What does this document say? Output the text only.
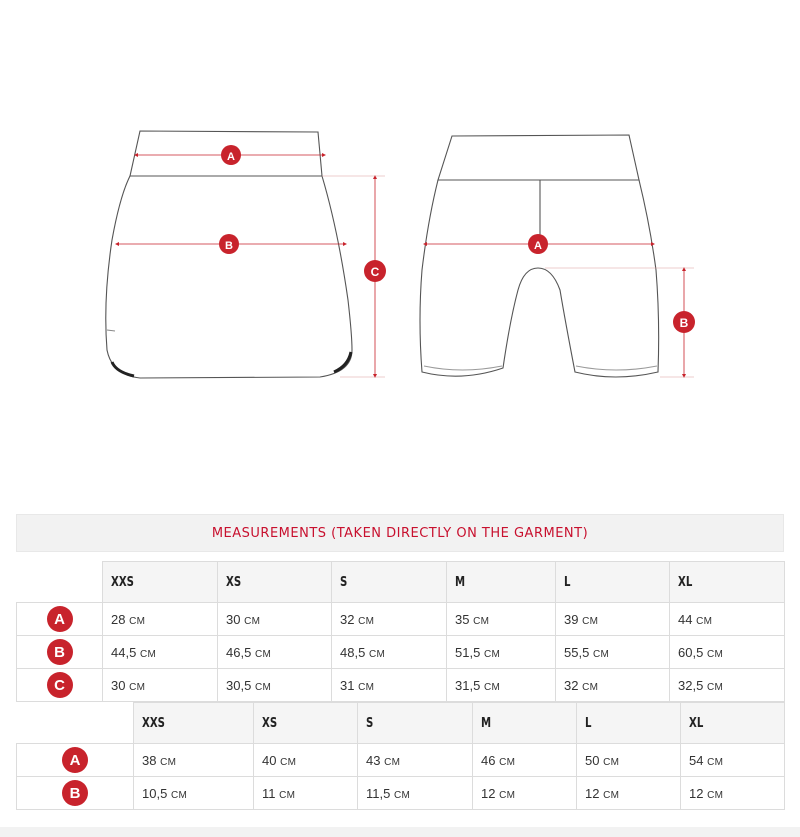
A
B
C
A
B
MEASUREMENTS (TAKEN DIRECTLY ON THE GARMENT)
	XXS	XS	S	M	L	XL
A	28 CM	30 CM	32 CM	35 CM	39 CM	44 CM
B	44,5 CM	46,5 CM	48,5 CM	51,5 CM	55,5 CM	60,5 CM
C	30 CM	30,5 CM	31 CM	31,5 CM	32 CM	32,5 CM
	XXS	XS	S	M	L	XL
A	38 CM	40 CM	43 CM	46 CM	50 CM	54 CM
B	10,5 CM	11 CM	11,5 CM	12 CM	12 CM	12 CM
